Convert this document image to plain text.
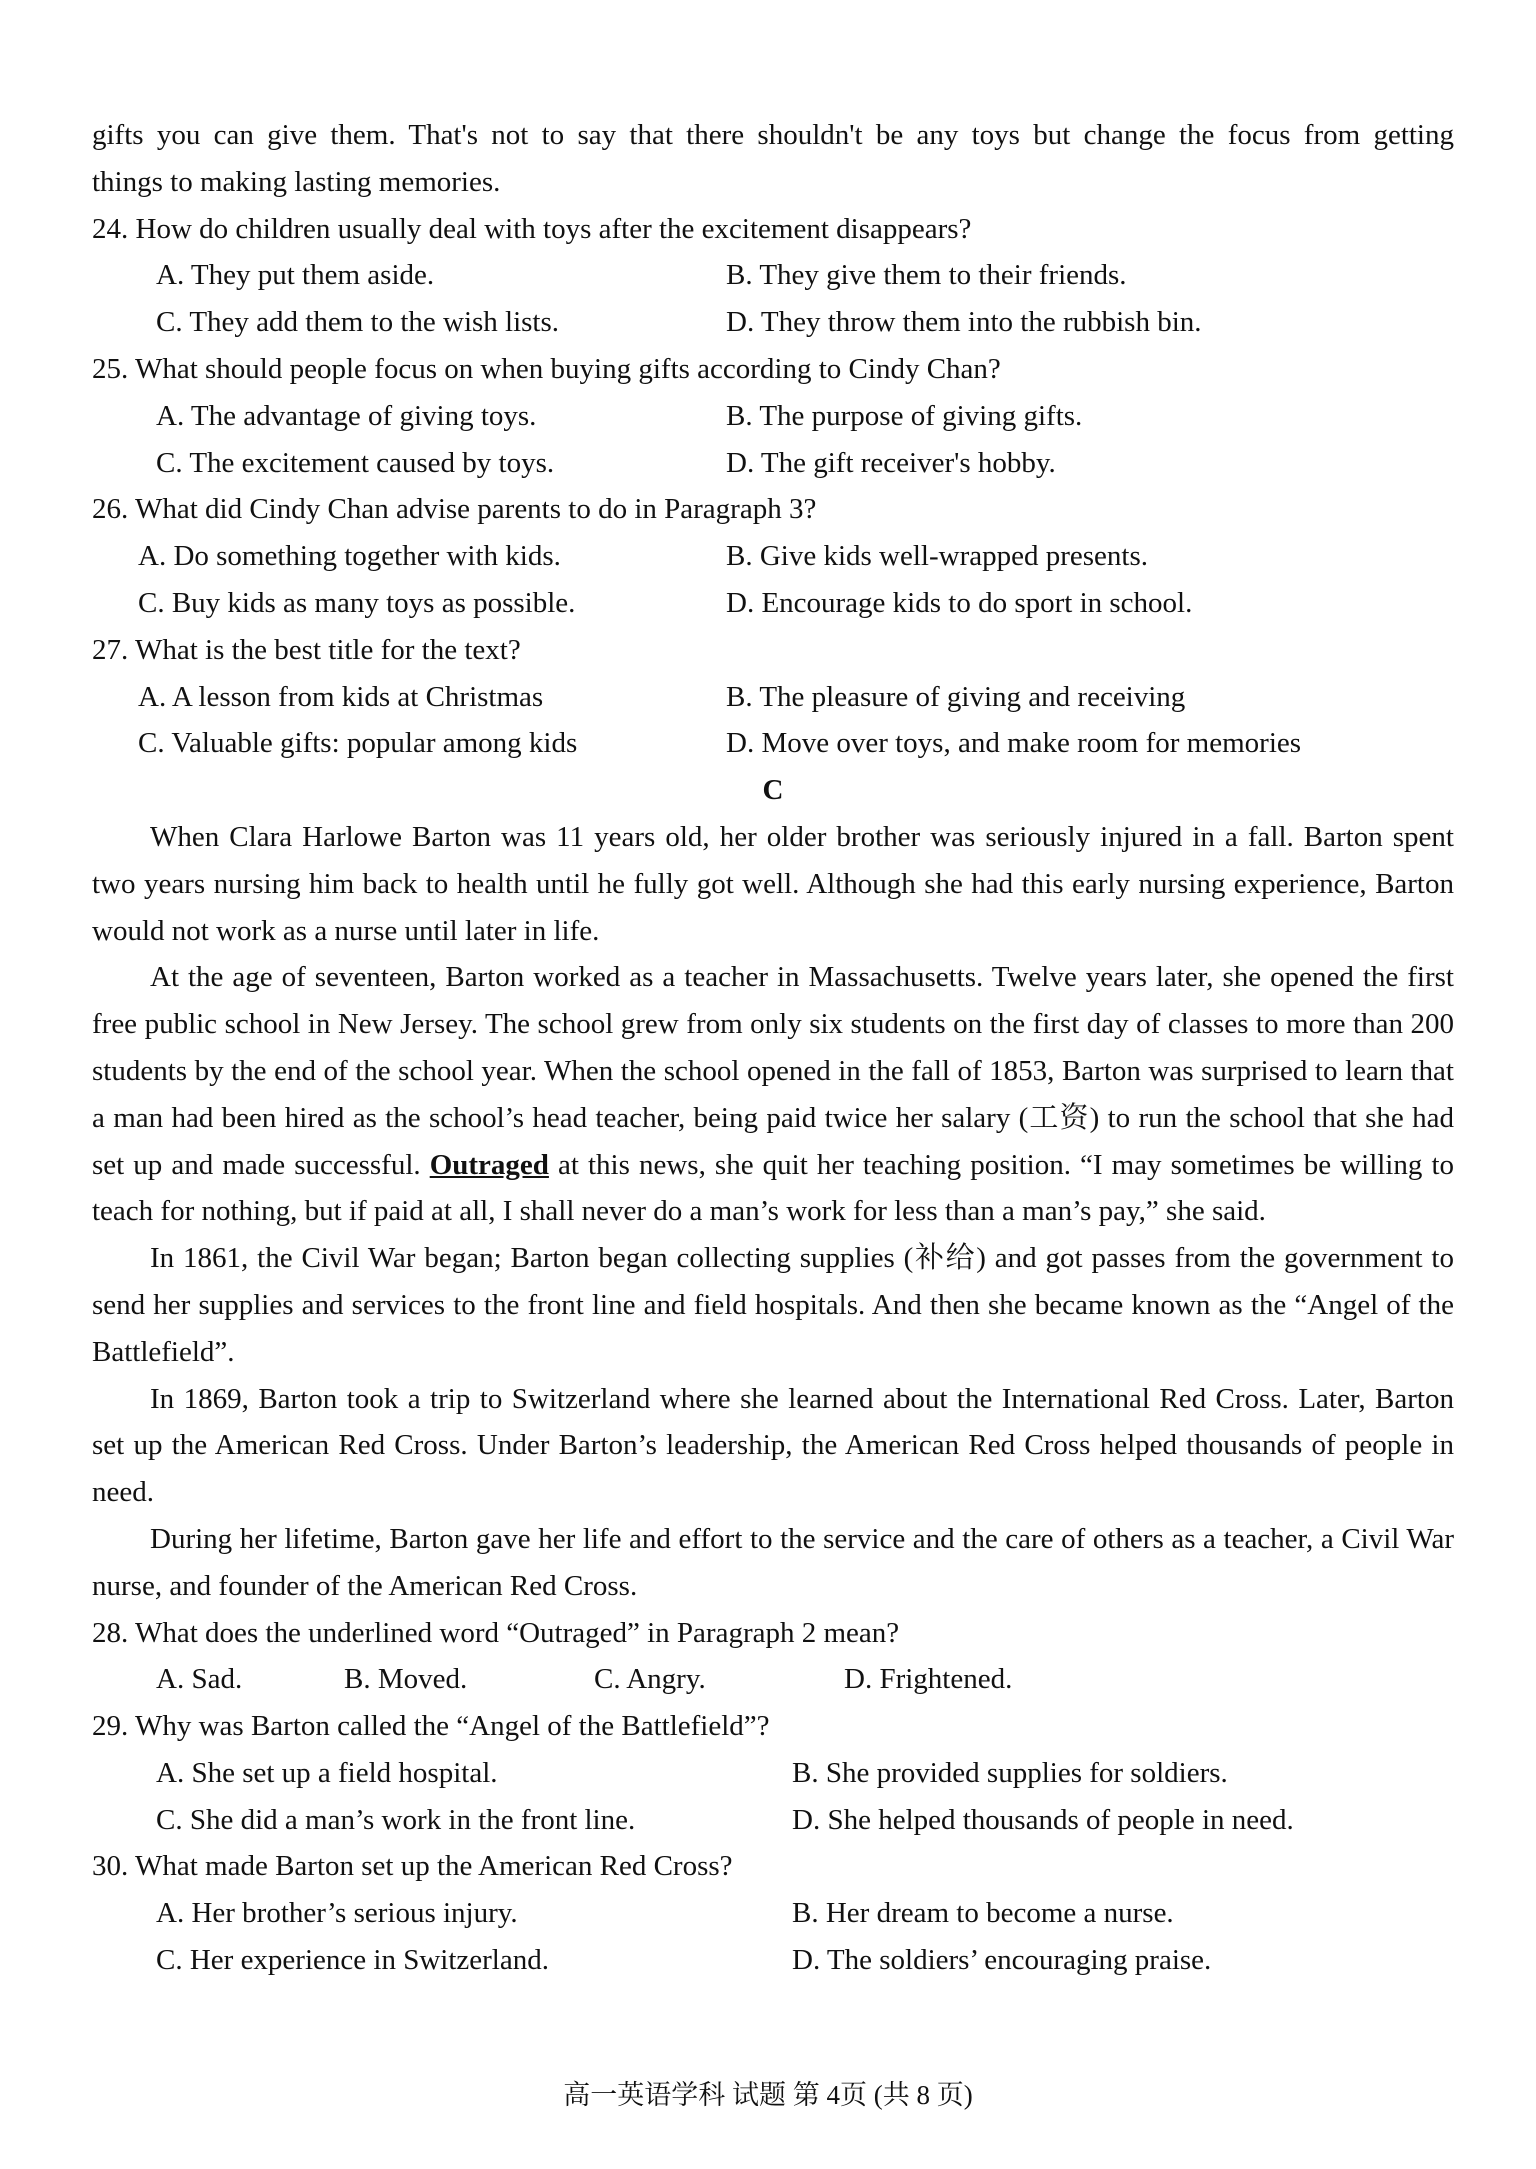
gifts you can give them. That's not to say that there shouldn't be any toys but change the focus from getting
things to making lasting memories.
24. How do children usually deal with toys after the excitement disappears?
A. They put them aside.	B. They give them to their friends.
C. They add them to the wish lists.	D. They throw them into the rubbish bin.
25. What should people focus on when buying gifts according to Cindy Chan?
A. The advantage of giving toys.	B. The purpose of giving gifts.
C. The excitement caused by toys.	D. The gift receiver's hobby.
26. What did Cindy Chan advise parents to do in Paragraph 3?
A. Do something together with kids.	B. Give kids well-wrapped presents.
C. Buy kids as many toys as possible.	D. Encourage kids to do sport in school.
27. What is the best title for the text?
A. A lesson from kids at Christmas	B. The pleasure of giving and receiving
C. Valuable gifts: popular among kids	D. Move over toys, and make room for memories
C

When Clara Harlowe Barton was 11 years old, her older brother was seriously injured in a fall. Barton spent two years nursing him back to health until he fully got well. Although she had this early nursing experience, Barton would not work as a nurse until later in life.

At the age of seventeen, Barton worked as a teacher in Massachusetts. Twelve years later, she opened the first free public school in New Jersey. The school grew from only six students on the first day of classes to more than 200 students by the end of the school year. When the school opened in the fall of 1853, Barton was surprised to learn that a man had been hired as the school’s head teacher, being paid twice her salary (工资) to run the school that she had set up and made successful. Outraged at this news, she quit her teaching position. “I may sometimes be willing to teach for nothing, but if paid at all, I shall never do a man’s work for less than a man’s pay,” she said.

In 1861, the Civil War began; Barton began collecting supplies (补给) and got passes from the government to send her supplies and services to the front line and field hospitals. And then she became known as the “Angel of the Battlefield”.

In 1869, Barton took a trip to Switzerland where she learned about the International Red Cross. Later, Barton set up the American Red Cross. Under Barton’s leadership, the American Red Cross helped thousands of people in need.

During her lifetime, Barton gave her life and effort to the service and the care of others as a teacher, a Civil War nurse, and founder of the American Red Cross.

28. What does the underlined word “Outraged” in Paragraph 2 mean?
A. Sad.	B. Moved.	C. Angry.	D. Frightened.
29. Why was Barton called the “Angel of the Battlefield”?
A. She set up a field hospital.	B. She provided supplies for soldiers.
C. She did a man’s work in the front line.	D. She helped thousands of people in need.
30. What made Barton set up the American Red Cross?
A. Her brother’s serious injury.	B. Her dream to become a nurse.
C. Her experience in Switzerland.	D. The soldiers’ encouraging praise.
高一英语学科 试题 第 4页 (共 8 页)
